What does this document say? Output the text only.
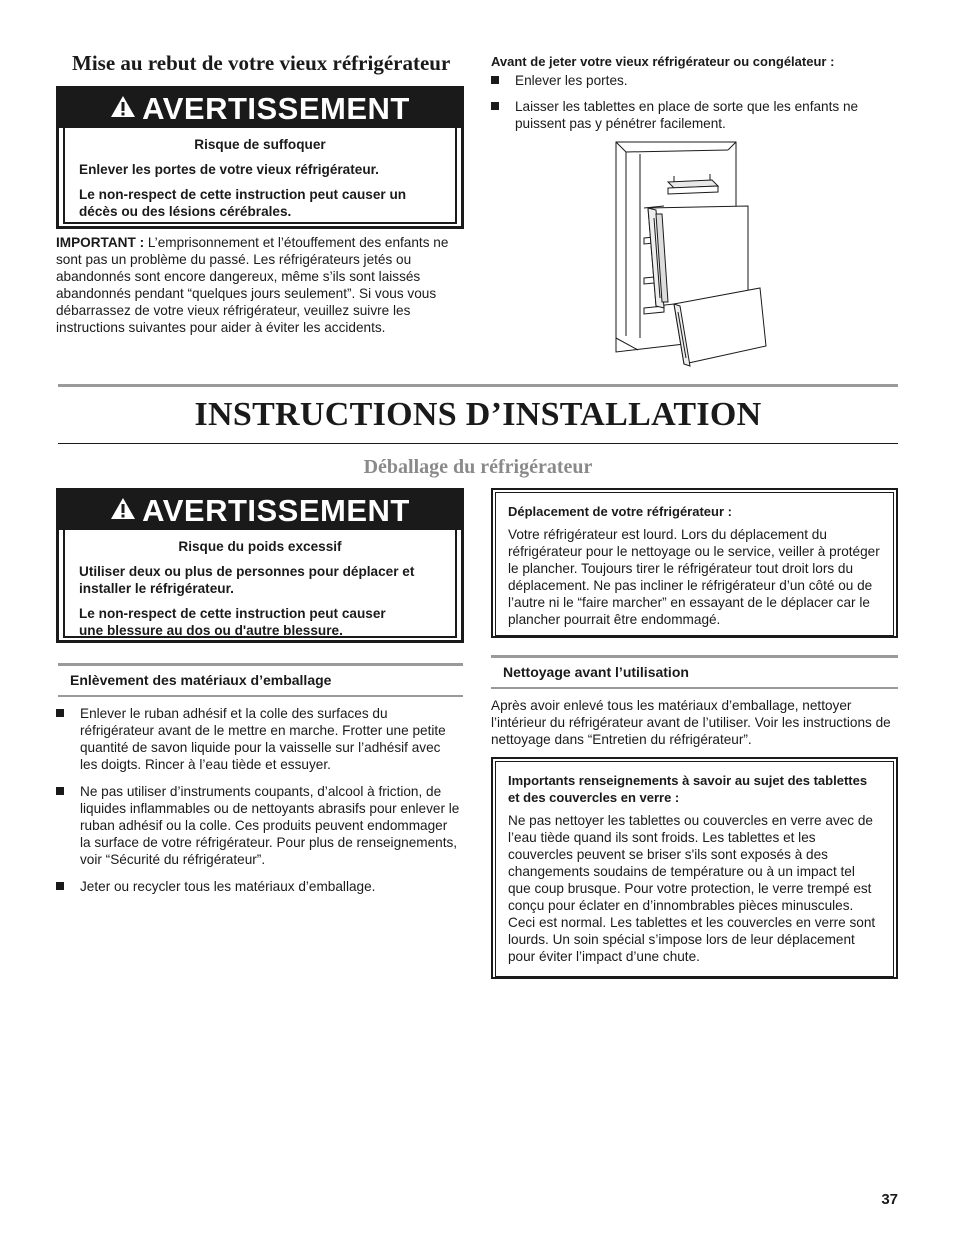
Mise au rebut de votre vieux réfrigérateur
AVERTISSEMENT

Risque de suffoquer

Enlever les portes de votre vieux réfrigérateur.

Le non-respect de cette instruction peut causer un décès ou des lésions cérébrales.

IMPORTANT : L’emprisonnement et l’étouffement des enfants ne sont pas un problème du passé. Les réfrigérateurs jetés ou abandonnés sont encore dangereux, même s’ils sont laissés abandonnés pendant “quelques jours seulement”. Si vous vous débarrassez de votre vieux réfrigérateur, veuillez suivre les instructions suivantes pour aider à éviter les accidents.
Avant de jeter votre vieux réfrigérateur ou congélateur :
Enlever les portes.
Laisser les tablettes en place de sorte que les enfants ne puissent pas y pénétrer facilement.
INSTRUCTIONS D’INSTALLATION
Déballage du réfrigérateur
AVERTISSEMENT

Risque du poids excessif

Utiliser deux ou plus de personnes pour déplacer et installer le réfrigérateur.

Le non-respect de cette instruction peut causer une blessure au dos ou d'autre blessure.

Déplacement de votre réfrigérateur :

Votre réfrigérateur est lourd. Lors du déplacement du réfrigérateur pour le nettoyage ou le service, veiller à protéger le plancher. Toujours tirer le réfrigérateur tout droit lors du déplacement. Ne pas incliner le réfrigérateur d’un côté ou de l’autre ni le “faire marcher” en essayant de le déplacer car le plancher pourrait être endommagé.

Enlèvement des matériaux d’emballage
Enlever le ruban adhésif et la colle des surfaces du réfrigérateur avant de le mettre en marche. Frotter une petite quantité de savon liquide pour la vaisselle sur l’adhésif avec les doigts. Rincer à l’eau tiède et essuyer.
Ne pas utiliser d’instruments coupants, d’alcool à friction, de liquides inflammables ou de nettoyants abrasifs pour enlever le ruban adhésif ou la colle. Ces produits peuvent endommager la surface de votre réfrigérateur. Pour plus de renseignements, voir “Sécurité du réfrigérateur”.
Jeter ou recycler tous les matériaux d’emballage.
Nettoyage avant l’utilisation
Après avoir enlevé tous les matériaux d’emballage, nettoyer l’intérieur du réfrigérateur avant de l’utiliser. Voir les instructions de nettoyage dans “Entretien du réfrigérateur”.

Importants renseignements à savoir au sujet des tablettes et des couvercles en verre :

Ne pas nettoyer les tablettes ou couvercles en verre avec de l’eau tiède quand ils sont froids. Les tablettes et les couvercles peuvent se briser s'ils sont exposés à des changements soudains de température ou à un impact tel que coup brusque. Pour votre protection, le verre trempé est conçu pour éclater en d’innombrables pièces minuscules. Ceci est normal. Les tablettes et les couvercles en verre sont lourds. Un soin spécial s’impose lors de leur déplacement pour éviter l’impact d’une chute.

37
